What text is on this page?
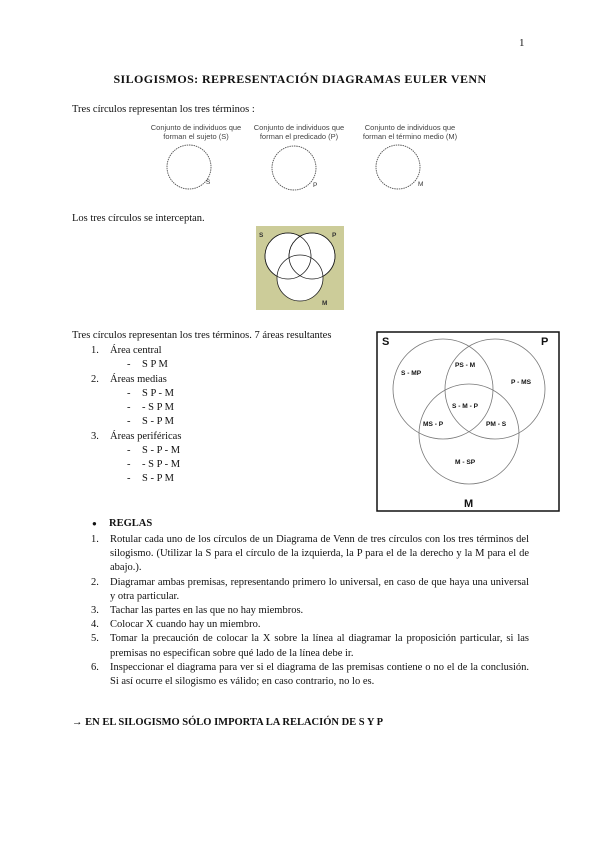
1
SILOGISMOS: REPRESENTACIÓN DIAGRAMAS EULER VENN
Tres círculos representan los tres términos :
Conjunto de individuos que
forman el sujeto (S)
Conjunto de individuos que
forman el predicado (P)
Conjunto de individuos que
forman el término medio (M)
S	P	M
Los tres círculos se interceptan.
S	P
M
Tres círculos representan los tres términos. 7 áreas resultantes
1. Área central
- S P M
2. Áreas medias
- S P - M
- - S P M
- S - P M
3. Áreas periféricas
- S - P - M
- - S P - M
- S - P M
S	P
M
S - MP
PS - M
P - MS
S - M - P
MS - P	PM - S
M - SP
● REGLAS
1. Rotular cada uno de los círculos de un Diagrama de Venn de tres círculos con los tres términos del silogismo. (Utilizar la S para el círculo de la izquierda, la P para el de la derecho y la M para el de abajo.).
2. Diagramar ambas premisas, representando primero lo universal, en caso de que haya una universal y otra particular.
3. Tachar las partes en las que no hay miembros.
4. Colocar X cuando hay un miembro.
5. Tomar la precaución de colocar la X sobre la línea al diagramar la proposición particular, si las premisas no especifican sobre qué lado de la línea debe ir.
6. Inspeccionar el diagrama para ver si el diagrama de las premisas contiene o no el de la conclusión. Si así ocurre el silogismo es válido; en caso contrario, no lo es.
→ EN EL SILOGISMO SÓLO IMPORTA LA RELACIÓN DE S Y P
